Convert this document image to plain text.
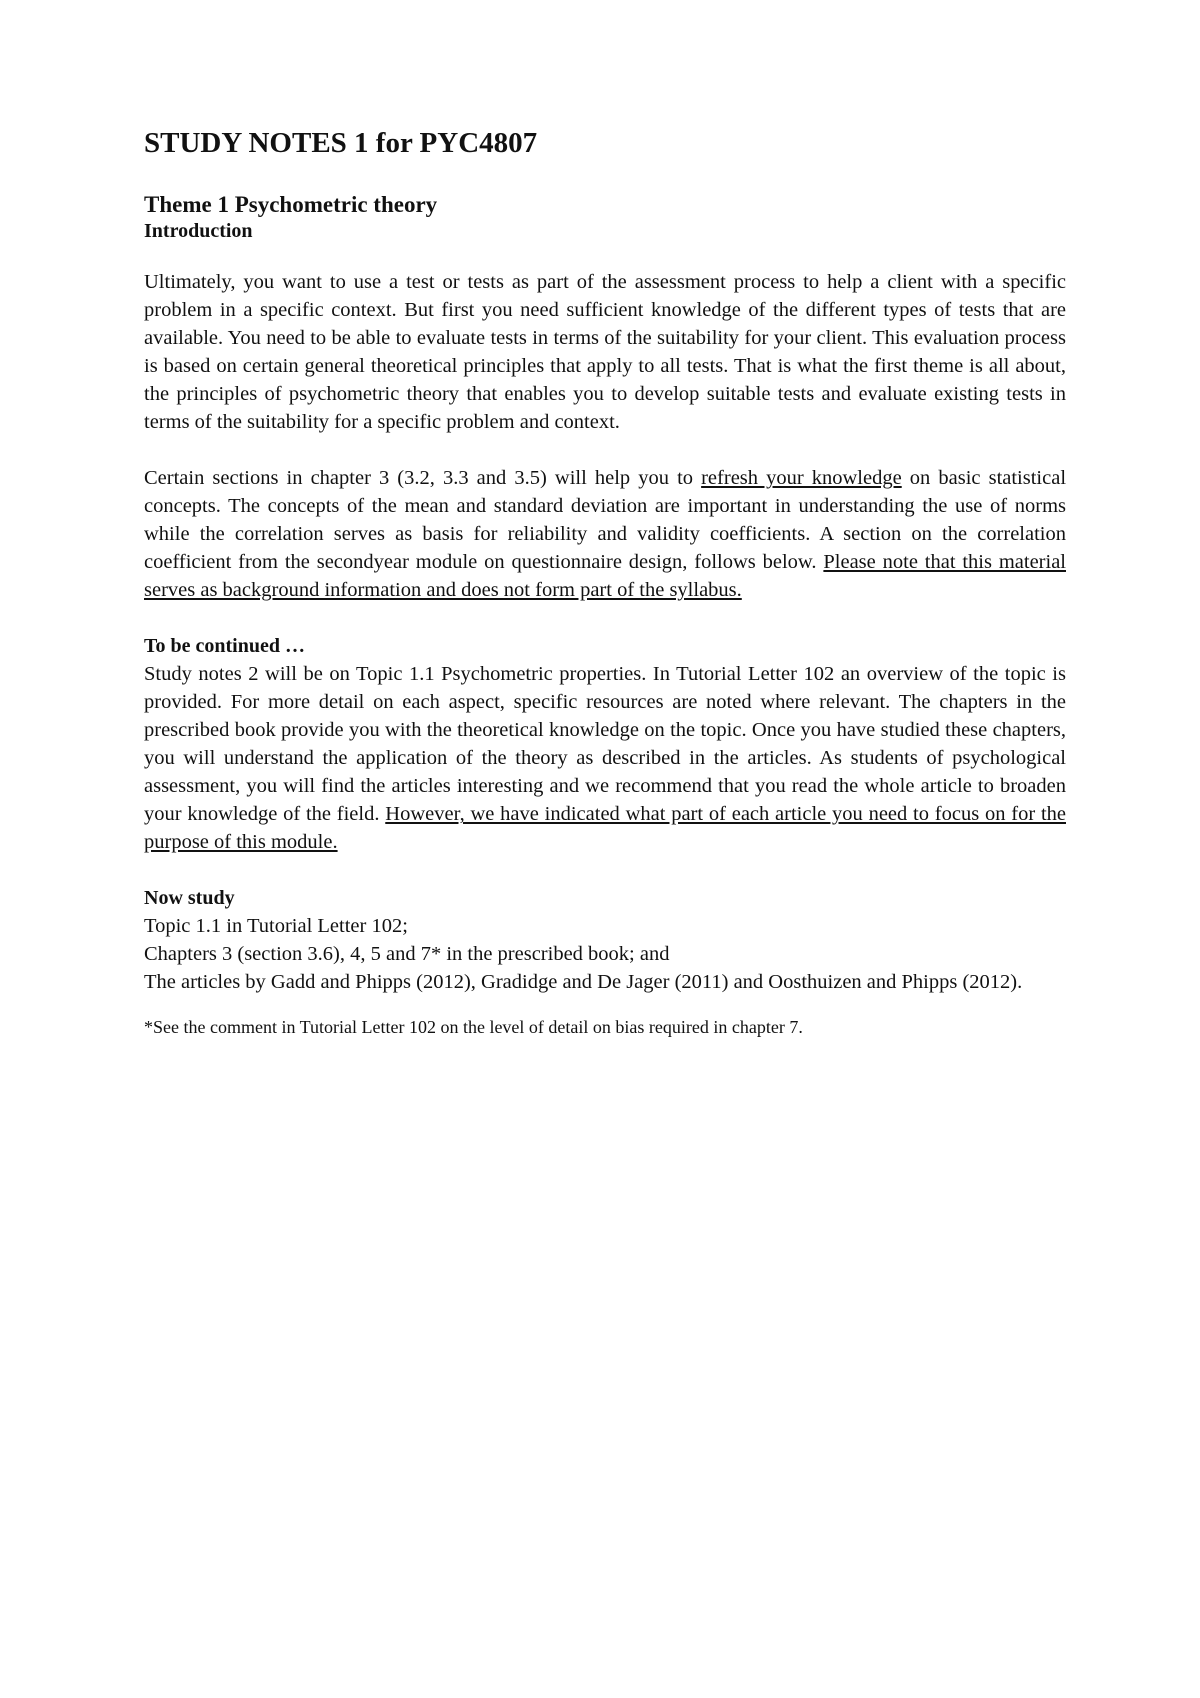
STUDY NOTES 1 for PYC4807
Theme 1 Psychometric theory
Introduction

Ultimately, you want to use a test or tests as part of the assessment process to help a client with a specific problem in a specific context. But first you need sufficient knowledge of the different types of tests that are available. You need to be able to evaluate tests in terms of the suitability for your client. This evaluation process is based on certain general theoretical principles that apply to all tests. That is what the first theme is all about, the principles of psychometric theory that enables you to develop suitable tests and evaluate existing tests in terms of the suitability for a specific problem and context.

Certain sections in chapter 3 (3.2, 3.3 and 3.5) will help you to refresh your knowledge on basic statistical concepts. The concepts of the mean and standard deviation are important in understanding the use of norms while the correlation serves as basis for reliability and validity coefficients. A section on the correlation coefficient from the secondyear module on questionnaire design, follows below. Please note that this material serves as background information and does not form part of the syllabus.

To be continued …

Study notes 2 will be on Topic 1.1 Psychometric properties. In Tutorial Letter 102 an overview of the topic is provided. For more detail on each aspect, specific resources are noted where relevant. The chapters in the prescribed book provide you with the theoretical knowledge on the topic. Once you have studied these chapters, you will understand the application of the theory as described in the articles. As students of psychological assessment, you will find the articles interesting and we recommend that you read the whole article to broaden your knowledge of the field. However, we have indicated what part of each article you need to focus on for the purpose of this module.

Now study

Topic 1.1 in Tutorial Letter 102;

Chapters 3 (section 3.6), 4, 5 and 7* in the prescribed book; and

The articles by Gadd and Phipps (2012), Gradidge and De Jager (2011) and Oosthuizen and Phipps (2012).

*See the comment in Tutorial Letter 102 on the level of detail on bias required in chapter 7.
